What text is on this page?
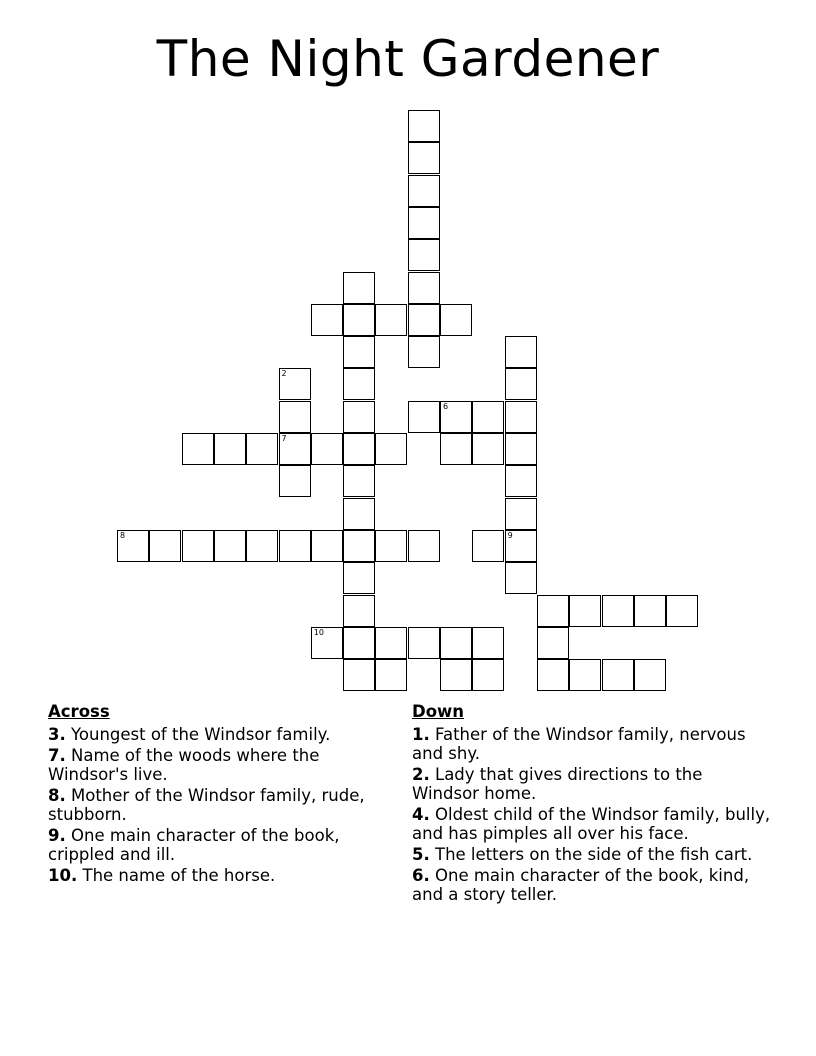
The Night Gardener
9
2
7
6
8
10
Across
3. Youngest of the Windsor family.
7. Name of the woods where the Windsor's live.
8. Mother of the Windsor family, rude, stubborn.
9. One main character of the book, crippled and ill.
10. The name of the horse.
Down
1. Father of the Windsor family, nervous and shy.
2. Lady that gives directions to the Windsor home.
4. Oldest child of the Windsor family, bully, and has pimples all over his face.
5. The letters on the side of the fish cart.
6. One main character of the book, kind, and a story teller.
